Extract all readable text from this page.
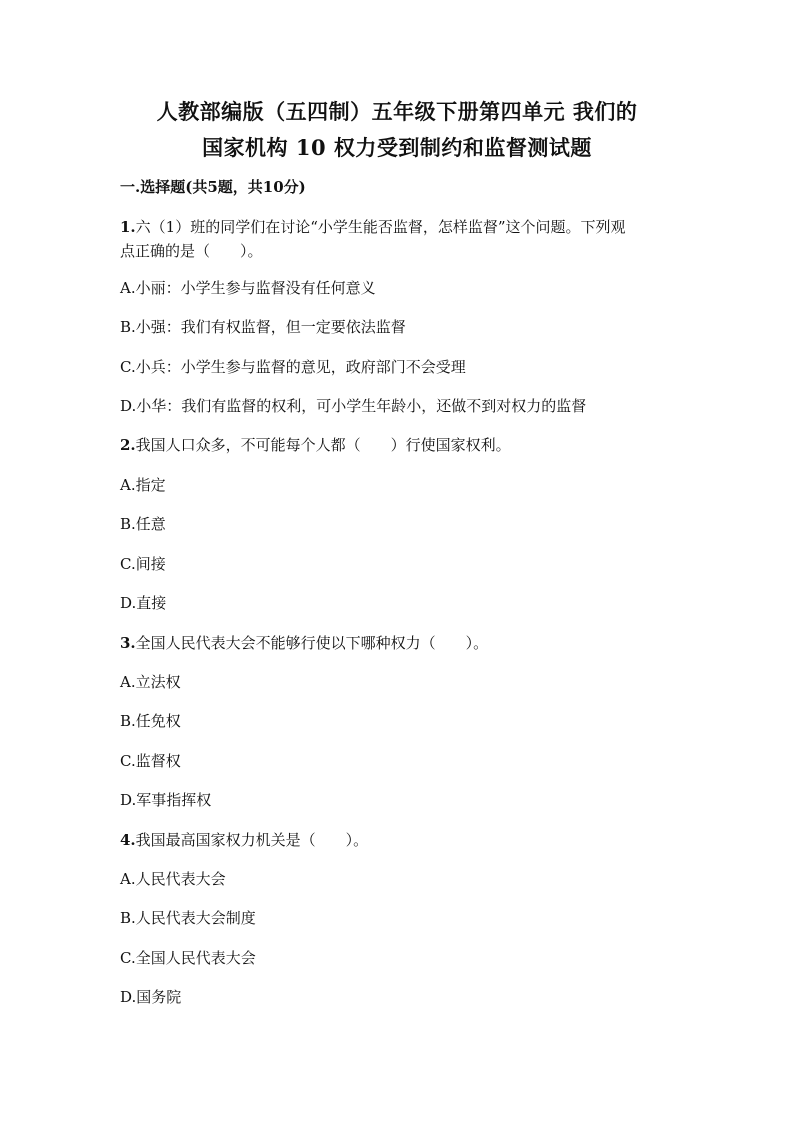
人教部编版（五四制）五年级下册第四单元 我们的
国家机构 10 权力受到制约和监督测试题
一.选择题(共5题，共10分)
1.六（1）班的同学们在讨论“小学生能否监督，怎样监督”这个问题。下列观
点正确的是（　　）。
A.小丽：小学生参与监督没有任何意义
B.小强：我们有权监督，但一定要依法监督
C.小兵：小学生参与监督的意见，政府部门不会受理
D.小华：我们有监督的权利，可小学生年龄小，还做不到对权力的监督
2.我国人口众多，不可能每个人都（　　）行使国家权利。
A.指定
B.任意
C.间接
D.直接
3.全国人民代表大会不能够行使以下哪种权力（　　）。
A.立法权
B.任免权
C.监督权
D.军事指挥权
4.我国最高国家权力机关是（　　）。
A.人民代表大会
B.人民代表大会制度
C.全国人民代表大会
D.国务院
